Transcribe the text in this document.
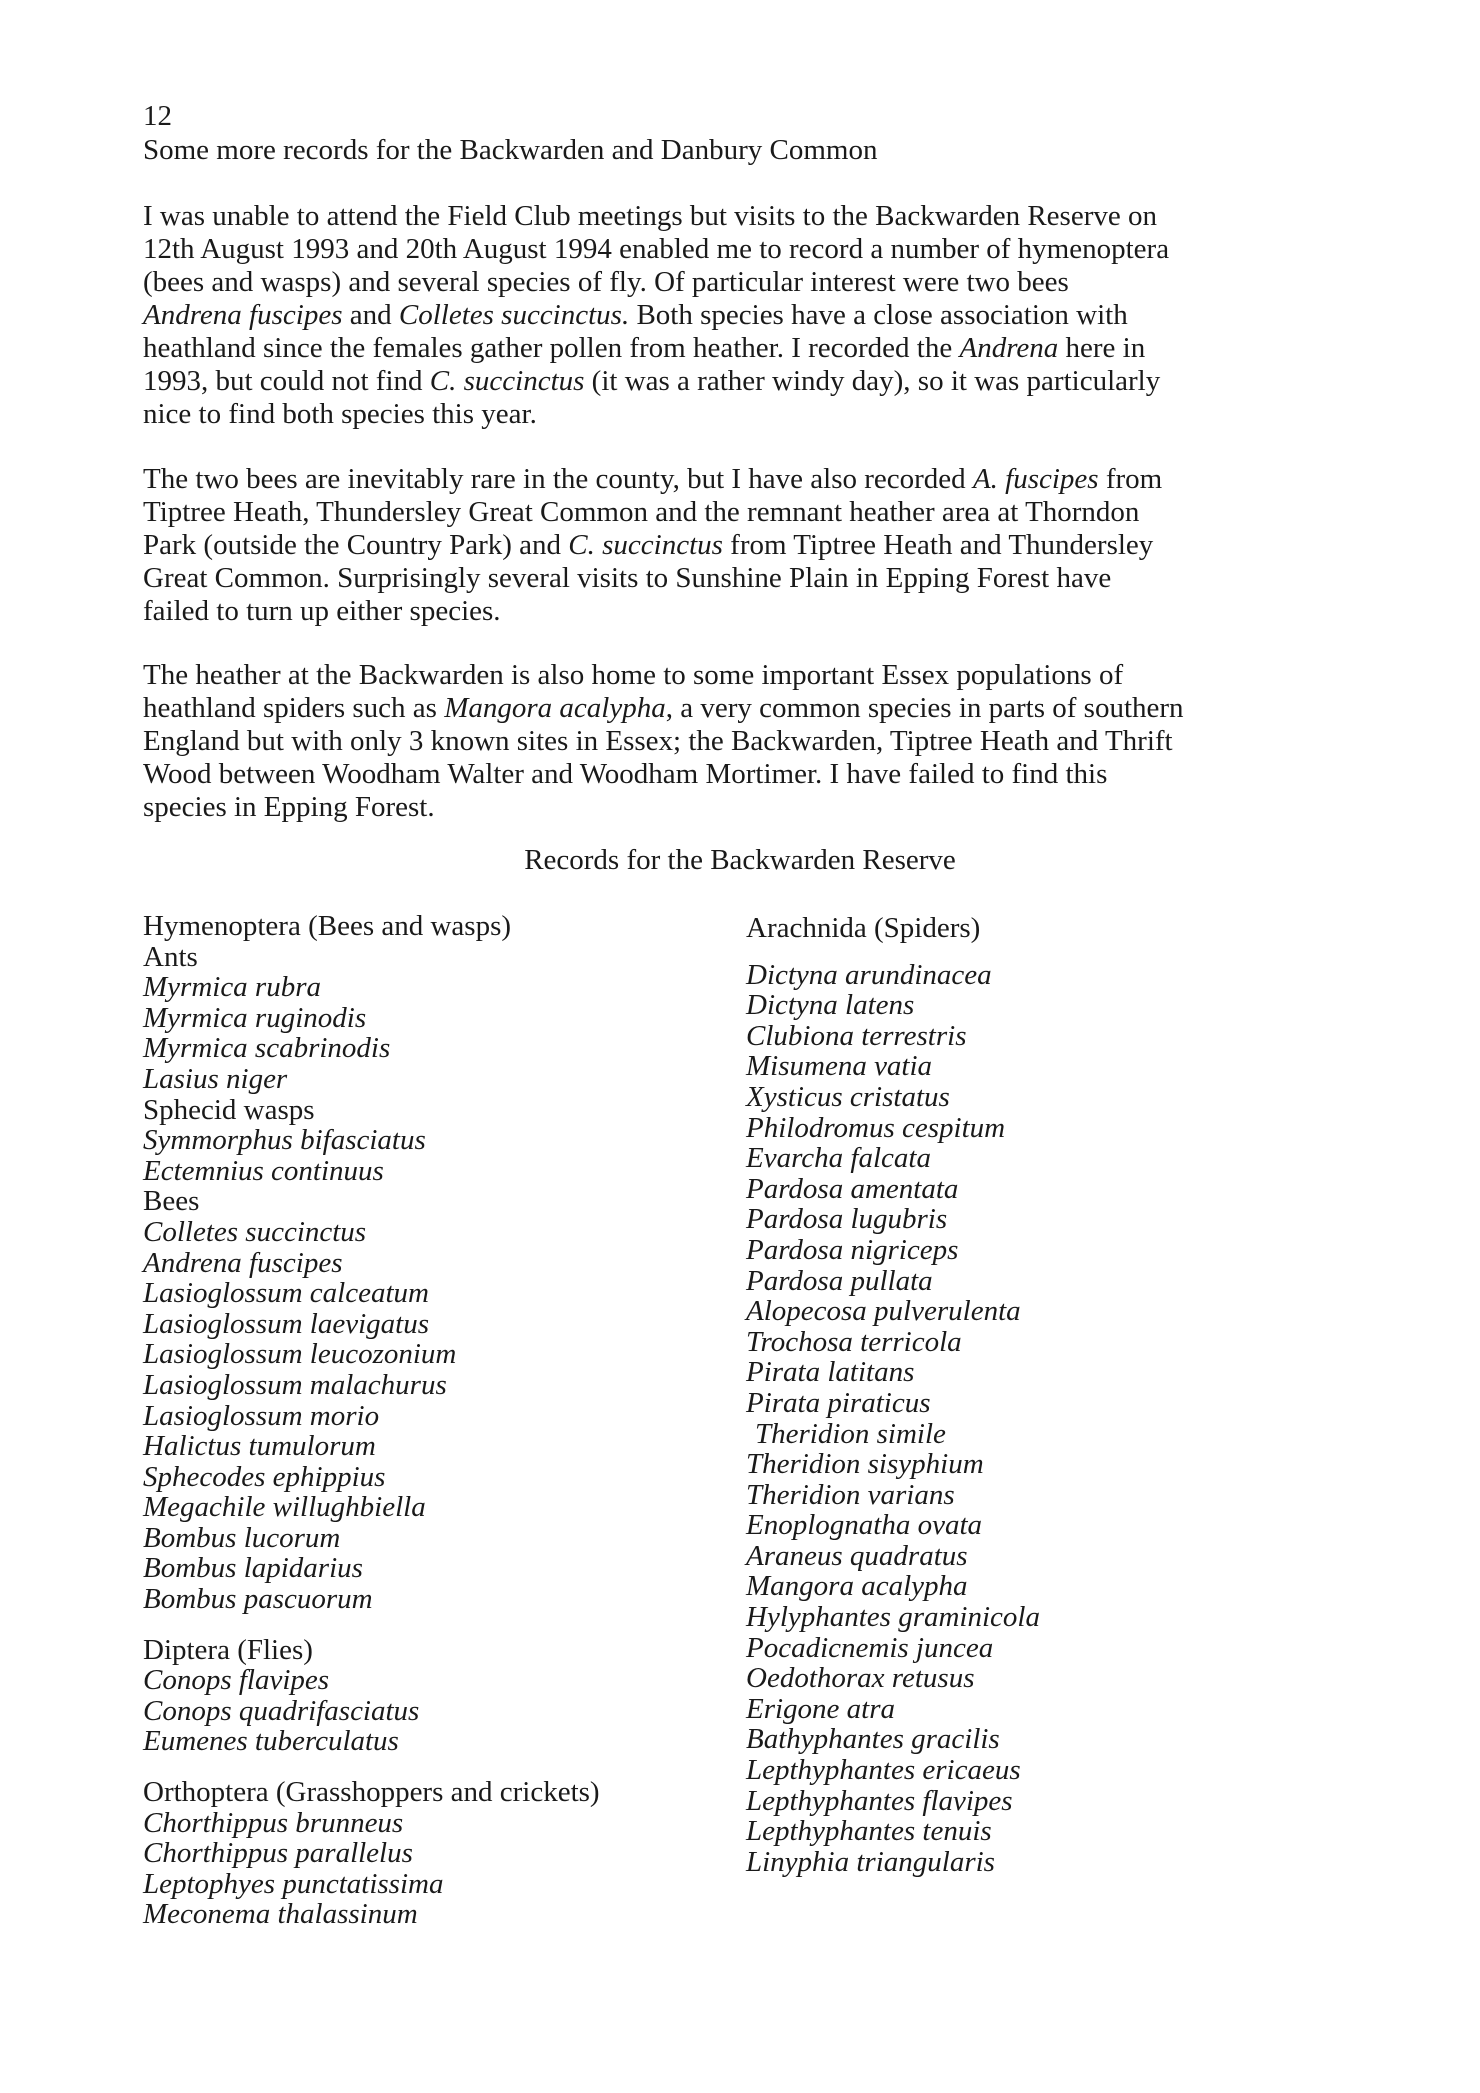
12
Some more records for the Backwarden and Danbury Common
I was unable to attend the Field Club meetings but visits to the Backwarden Reserve on
12th August 1993 and 20th August 1994 enabled me to record a number of hymenoptera
(bees and wasps) and several species of fly. Of particular interest were two bees
Andrena fuscipes and Colletes succinctus. Both species have a close association with
heathland since the females gather pollen from heather. I recorded the Andrena here in
1993, but could not find C. succinctus (it was a rather windy day), so it was particularly
nice to find both species this year.
The two bees are inevitably rare in the county, but I have also recorded A. fuscipes from
Tiptree Heath, Thundersley Great Common and the remnant heather area at Thorndon
Park (outside the Country Park) and C. succinctus from Tiptree Heath and Thundersley
Great Common. Surprisingly several visits to Sunshine Plain in Epping Forest have
failed to turn up either species.
The heather at the Backwarden is also home to some important Essex populations of
heathland spiders such as Mangora acalypha, a very common species in parts of southern
England but with only 3 known sites in Essex; the Backwarden, Tiptree Heath and Thrift
Wood between Woodham Walter and Woodham Mortimer. I have failed to find this
species in Epping Forest.
Records for the Backwarden Reserve
Hymenoptera (Bees and wasps)
Ants
Myrmica rubra
Myrmica ruginodis
Myrmica scabrinodis
Lasius niger
Sphecid wasps
Symmorphus bifasciatus
Ectemnius continuus
Bees
Colletes succinctus
Andrena fuscipes
Lasioglossum calceatum
Lasioglossum laevigatus
Lasioglossum leucozonium
Lasioglossum malachurus
Lasioglossum morio
Halictus tumulorum
Sphecodes ephippius
Megachile willughbiella
Bombus lucorum
Bombus lapidarius
Bombus pascuorum
Diptera (Flies)
Conops flavipes
Conops quadrifasciatus
Eumenes tuberculatus
Orthoptera (Grasshoppers and crickets)
Chorthippus brunneus
Chorthippus parallelus
Leptophyes punctatissima
Meconema thalassinum
Arachnida (Spiders)
Dictyna arundinacea
Dictyna latens
Clubiona terrestris
Misumena vatia
Xysticus cristatus
Philodromus cespitum
Evarcha falcata
Pardosa amentata
Pardosa lugubris
Pardosa nigriceps
Pardosa pullata
Alopecosa pulverulenta
Trochosa terricola
Pirata latitans
Pirata piraticus
Theridion simile
Theridion sisyphium
Theridion varians
Enoplognatha ovata
Araneus quadratus
Mangora acalypha
Hylyphantes graminicola
Pocadicnemis juncea
Oedothorax retusus
Erigone atra
Bathyphantes gracilis
Lepthyphantes ericaeus
Lepthyphantes flavipes
Lepthyphantes tenuis
Linyphia triangularis
